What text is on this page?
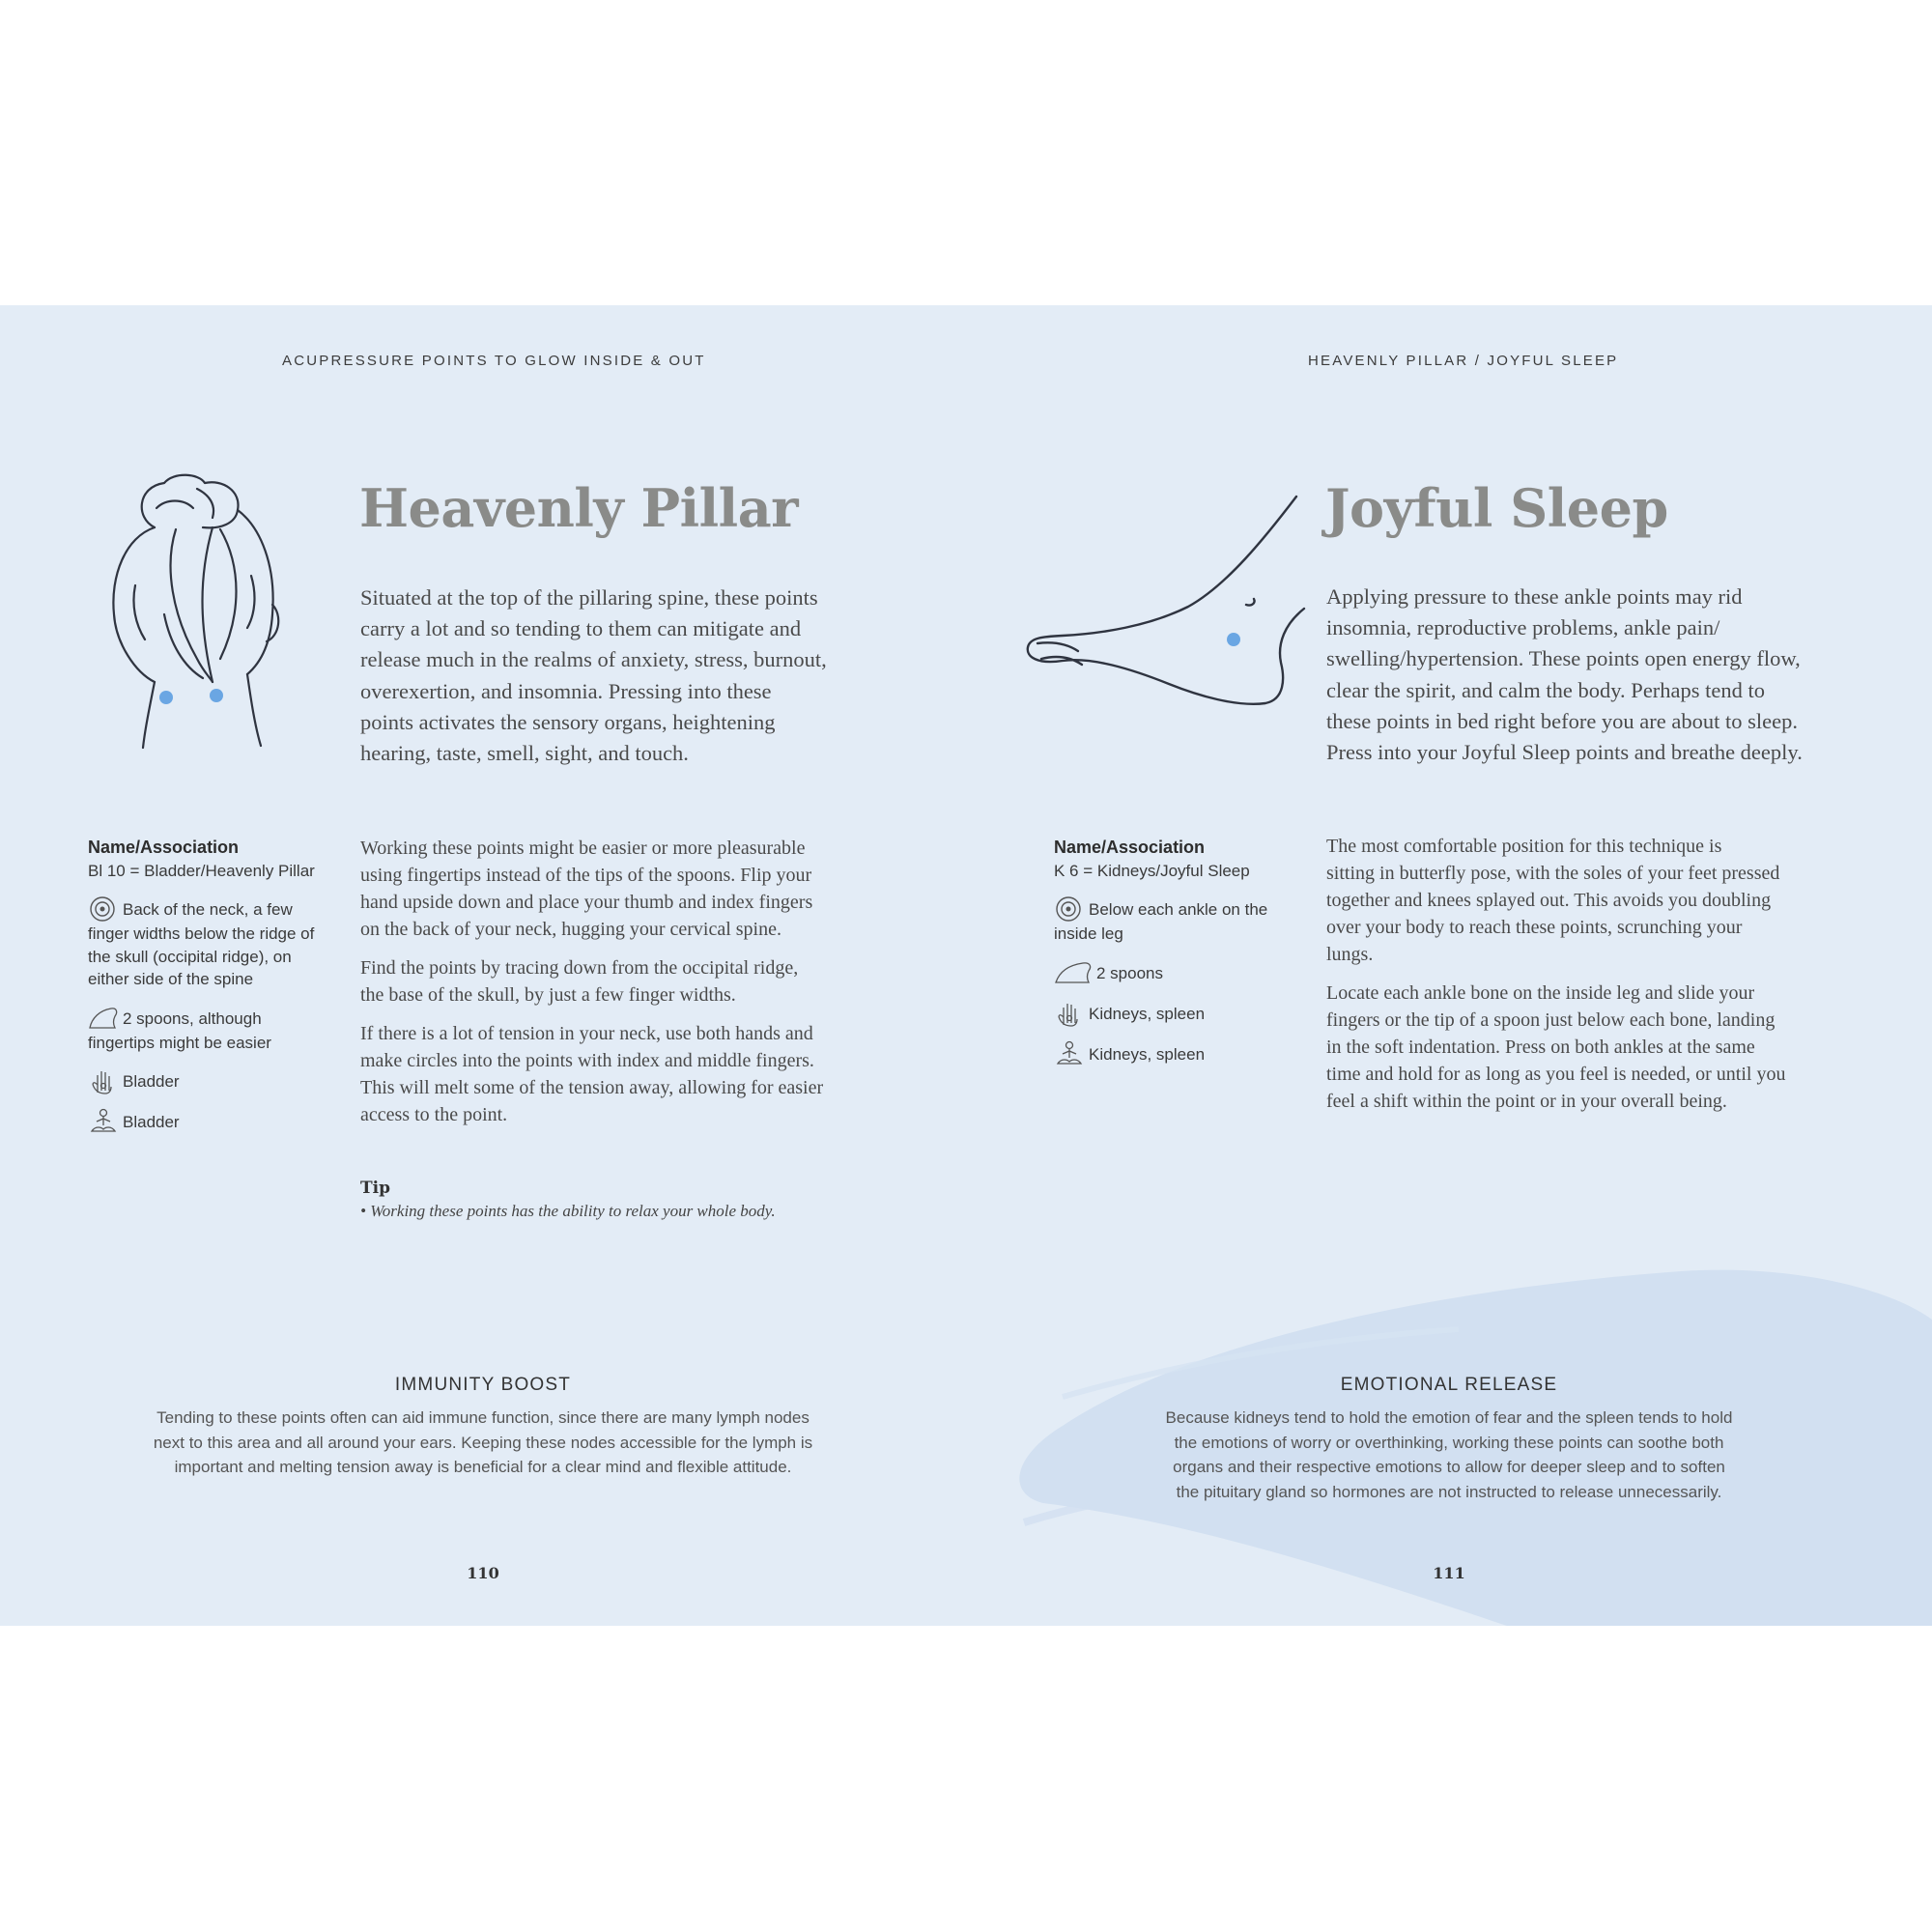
ACUPRESSURE POINTS TO GLOW INSIDE & OUT
Heavenly Pillar
Situated at the top of the pillaring spine, these points
carry a lot and so tending to them can mitigate and
release much in the realms of anxiety, stress, burnout,
overexertion, and insomnia. Pressing into these
points activates the sensory organs, heightening
hearing, taste, smell, sight, and touch.
Name/Association
Bl 10 = Bladder/Heavenly Pillar
Back of the neck, a few finger widths below the ridge of the skull (occipital ridge), on either side of the spine
2 spoons, although fingertips might be easier
Bladder
Bladder

Working these points might be easier or more pleasurable
using fingertips instead of the tips of the spoons. Flip your
hand upside down and place your thumb and index fingers
on the back of your neck, hugging your cervical spine.

Find the points by tracing down from the occipital ridge,
the base of the skull, by just a few finger widths.

If there is a lot of tension in your neck, use both hands and
make circles into the points with index and middle fingers.
This will melt some of the tension away, allowing for easier
access to the point.

Tip
• Working these points has the ability to relax your whole body.
IMMUNITY BOOST
Tending to these points often can aid immune function, since there are many lymph nodes
next to this area and all around your ears. Keeping these nodes accessible for the lymph is
important and melting tension away is beneficial for a clear mind and flexible attitude.
110
HEAVENLY PILLAR / JOYFUL SLEEP
Joyful Sleep
Applying pressure to these ankle points may rid
insomnia, reproductive problems, ankle pain/
swelling/hypertension. These points open energy flow,
clear the spirit, and calm the body. Perhaps tend to
these points in bed right before you are about to sleep.
Press into your Joyful Sleep points and breathe deeply.
Name/Association
K 6 = Kidneys/Joyful Sleep
Below each ankle on the inside leg
2 spoons
Kidneys, spleen
Kidneys, spleen

The most comfortable position for this technique is
sitting in butterfly pose, with the soles of your feet pressed
together and knees splayed out. This avoids you doubling
over your body to reach these points, scrunching your
lungs.

Locate each ankle bone on the inside leg and slide your
fingers or the tip of a spoon just below each bone, landing
in the soft indentation. Press on both ankles at the same
time and hold for as long as you feel is needed, or until you
feel a shift within the point or in your overall being.

EMOTIONAL RELEASE
Because kidneys tend to hold the emotion of fear and the spleen tends to hold
the emotions of worry or overthinking, working these points can soothe both
organs and their respective emotions to allow for deeper sleep and to soften
the pituitary gland so hormones are not instructed to release unnecessarily.
111
